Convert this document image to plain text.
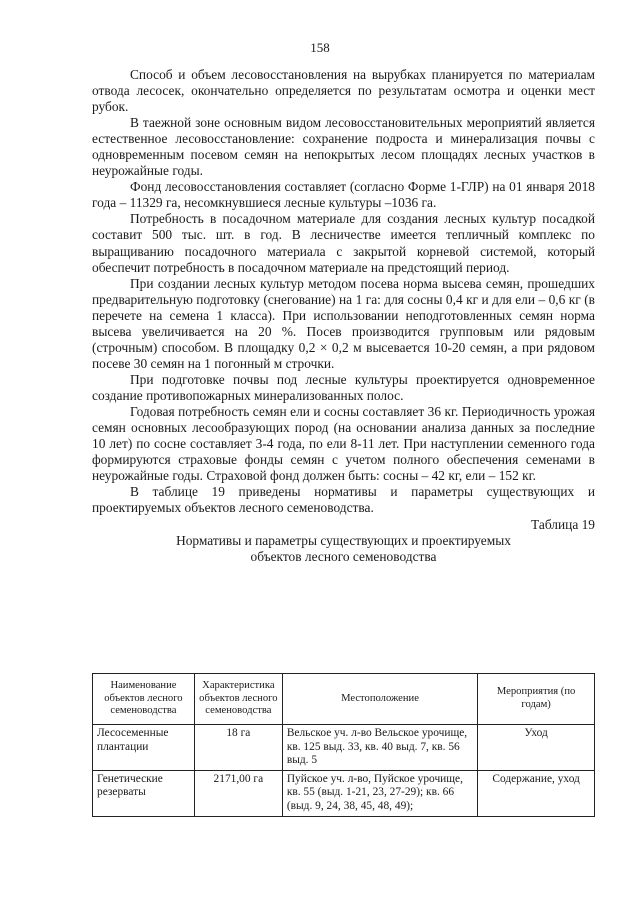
158

Способ и объем лесовосстановления на вырубках планируется по материалам отвода лесосек, окончательно определяется по результатам осмотра и оценки мест рубок.

В таежной зоне основным видом лесовосстановительных мероприятий является естественное лесовосстановление: сохранение подроста и минерализация почвы с одновременным посевом семян на непокрытых лесом площадях лесных участков в неурожайные годы.

Фонд лесовосстановления составляет (согласно Форме 1-ГЛР) на 01 января 2018 года – 11329 га, несомкнувшиеся лесные культуры –1036 га.

Потребность в посадочном материале для создания лесных культур посадкой составит 500 тыс. шт. в год. В лесничестве имеется тепличный комплекс по выращиванию посадочного материала с закрытой корневой системой, который обеспечит потребность в посадочном материале на предстоящий период.

При создании лесных культур методом посева норма высева семян, прошедших предварительную подготовку (снегование) на 1 га: для сосны 0,4 кг и для ели – 0,6 кг (в перечете на семена 1 класса). При использовании неподготовленных семян норма высева увеличивается на 20 %. Посев производится групповым или рядовым (строчным) способом. В площадку 0,2 × 0,2 м высевается 10-20 семян, а при рядовом посеве 30 семян на 1 погонный м строчки.

При подготовке почвы под лесные культуры проектируется одновременное создание противопожарных минерализованных полос.

Годовая потребность семян ели и сосны составляет 36 кг. Периодичность урожая семян основных лесообразующих пород (на основании анализа данных за последние 10 лет) по сосне составляет 3-4 года, по ели 8-11 лет. При наступлении семенного года формируются страховые фонды семян с учетом полного обеспечения семенами в неурожайные годы. Страховой фонд должен быть: сосны – 42 кг, ели – 152 кг.

В таблице 19 приведены нормативы и параметры существующих и проектируемых объектов лесного семеноводства.

Таблица 19
Нормативы и параметры существующих и проектируемых
объектов лесного семеноводства
Наименование объектов лесного семеноводства	Характеристика объектов лесного семеноводства	Местоположение	Мероприятия (по годам)
Лесосеменные плантации	18 га	Вельское уч. л-во Вельское урочище, кв. 125 выд. 33, кв. 40 выд. 7, кв. 56 выд. 5	Уход
Генетические резерваты	2171,00 га	Пуйское уч. л-во, Пуйское урочище, кв. 55 (выд. 1-21, 23, 27-29); кв. 66 (выд. 9, 24, 38, 45, 48, 49);	Содержание, уход
